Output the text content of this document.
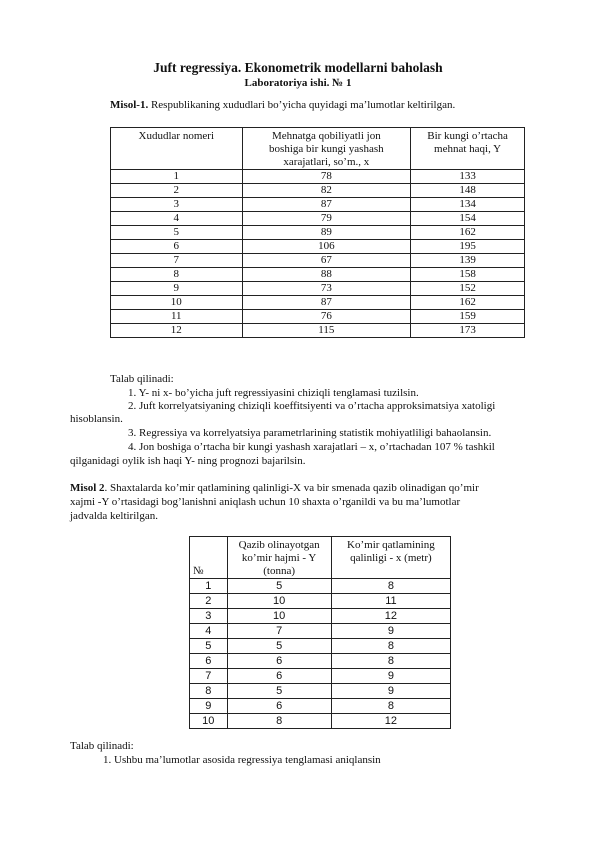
Juft regressiya. Ekonometrik modellarni baholash
Laboratoriya ishi. № 1
Misol-1. Respublikaning xududlari bo’yicha quyidagi ma’lumotlar keltirilgan.
Xududlar nomeri	Mehnatga qobiliyatli jon boshiga bir kungi yashash xarajatlari, so’m., x	Bir kungi o’rtacha mehnat haqi, Y
1	78	133
2	82	148
3	87	134
4	79	154
5	89	162
6	106	195
7	67	139
8	88	158
9	73	152
10	87	162
11	76	159
12	115	173
Talab qilinadi:
1. Y- ni x- bo’yicha juft regressiyasini chiziqli tenglamasi tuzilsin.
2. Juft korrelyatsiyaning chiziqli koeffitsiyenti va o’rtacha approksimatsiya xatoligi
hisoblansin.
3. Regressiya va korrelyatsiya parametrlarining statistik mohiyatliligi bahaolansin.
4. Jon boshiga o’rtacha bir kungi yashash xarajatlari – x, o’rtachadan 107 % tashkil
qilganidagi oylik ish haqi Y- ning prognozi bajarilsin.
Misol 2. Shaxtalarda ko’mir qatlamining qalinligi-X va bir smenada qazib olinadigan qo’mir
xajmi -Y o’rtasidagi bog’lanishni aniqlash uchun 10 shaxta o’rganildi va bu ma’lumotlar
jadvalda keltirilgan.
№	Qazib olinayotgan ko’mir hajmi - Y (tonna)	Ko’mir qatlamining qalinligi - x (metr)
1	5	8
2	10	11
3	10	12
4	7	9
5	5	8
6	6	8
7	6	9
8	5	9
9	6	8
10	8	12
Talab qilinadi:
1. Ushbu ma’lumotlar asosida regressiya tenglamasi aniqlansin
